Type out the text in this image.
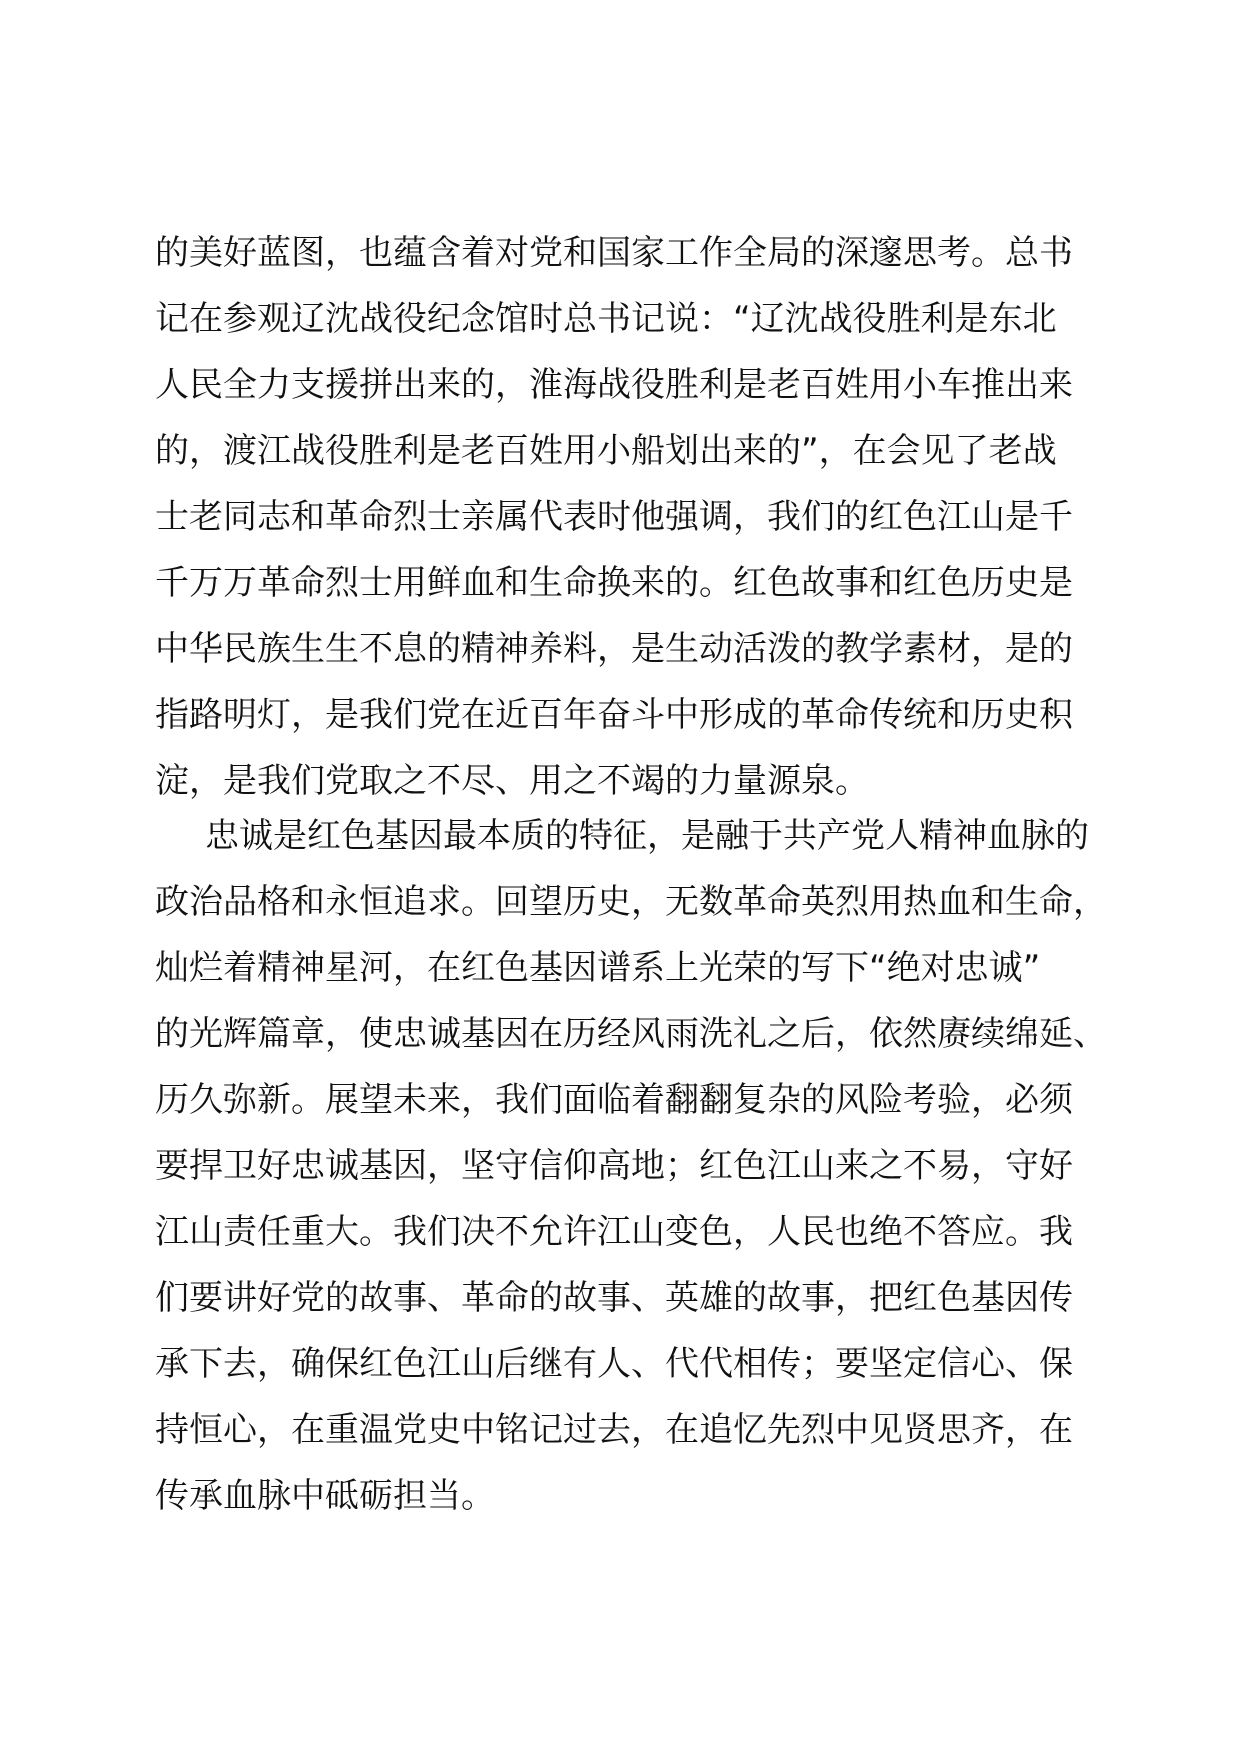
的美好蓝图，也蕴含着对党和国家工作全局的深邃思考。总书
记在参观辽沈战役纪念馆时总书记说：“辽沈战役胜利是东北
人民全力支援拼出来的，淮海战役胜利是老百姓用小车推出来
的，渡江战役胜利是老百姓用小船划出来的”，在会见了老战
士老同志和革命烈士亲属代表时他强调，我们的红色江山是千
千万万革命烈士用鲜血和生命换来的。红色故事和红色历史是
中华民族生生不息的精神养料，是生动活泼的教学素材，是的
指路明灯，是我们党在近百年奋斗中形成的革命传统和历史积
淀，是我们党取之不尽、用之不竭的力量源泉。
忠诚是红色基因最本质的特征，是融于共产党人精神血脉的
政治品格和永恒追求。回望历史，无数革命英烈用热血和生命，
灿烂着精神星河，在红色基因谱系上光荣的写下“绝对忠诚”
的光辉篇章，使忠诚基因在历经风雨洗礼之后，依然赓续绵延、
历久弥新。展望未来，我们面临着翻翻复杂的风险考验，必须
要捍卫好忠诚基因，坚守信仰高地；红色江山来之不易，守好
江山责任重大。我们决不允许江山变色，人民也绝不答应。我
们要讲好党的故事、革命的故事、英雄的故事，把红色基因传
承下去，确保红色江山后继有人、代代相传；要坚定信心、保
持恒心，在重温党史中铭记过去，在追忆先烈中见贤思齐，在
传承血脉中砥砺担当。
